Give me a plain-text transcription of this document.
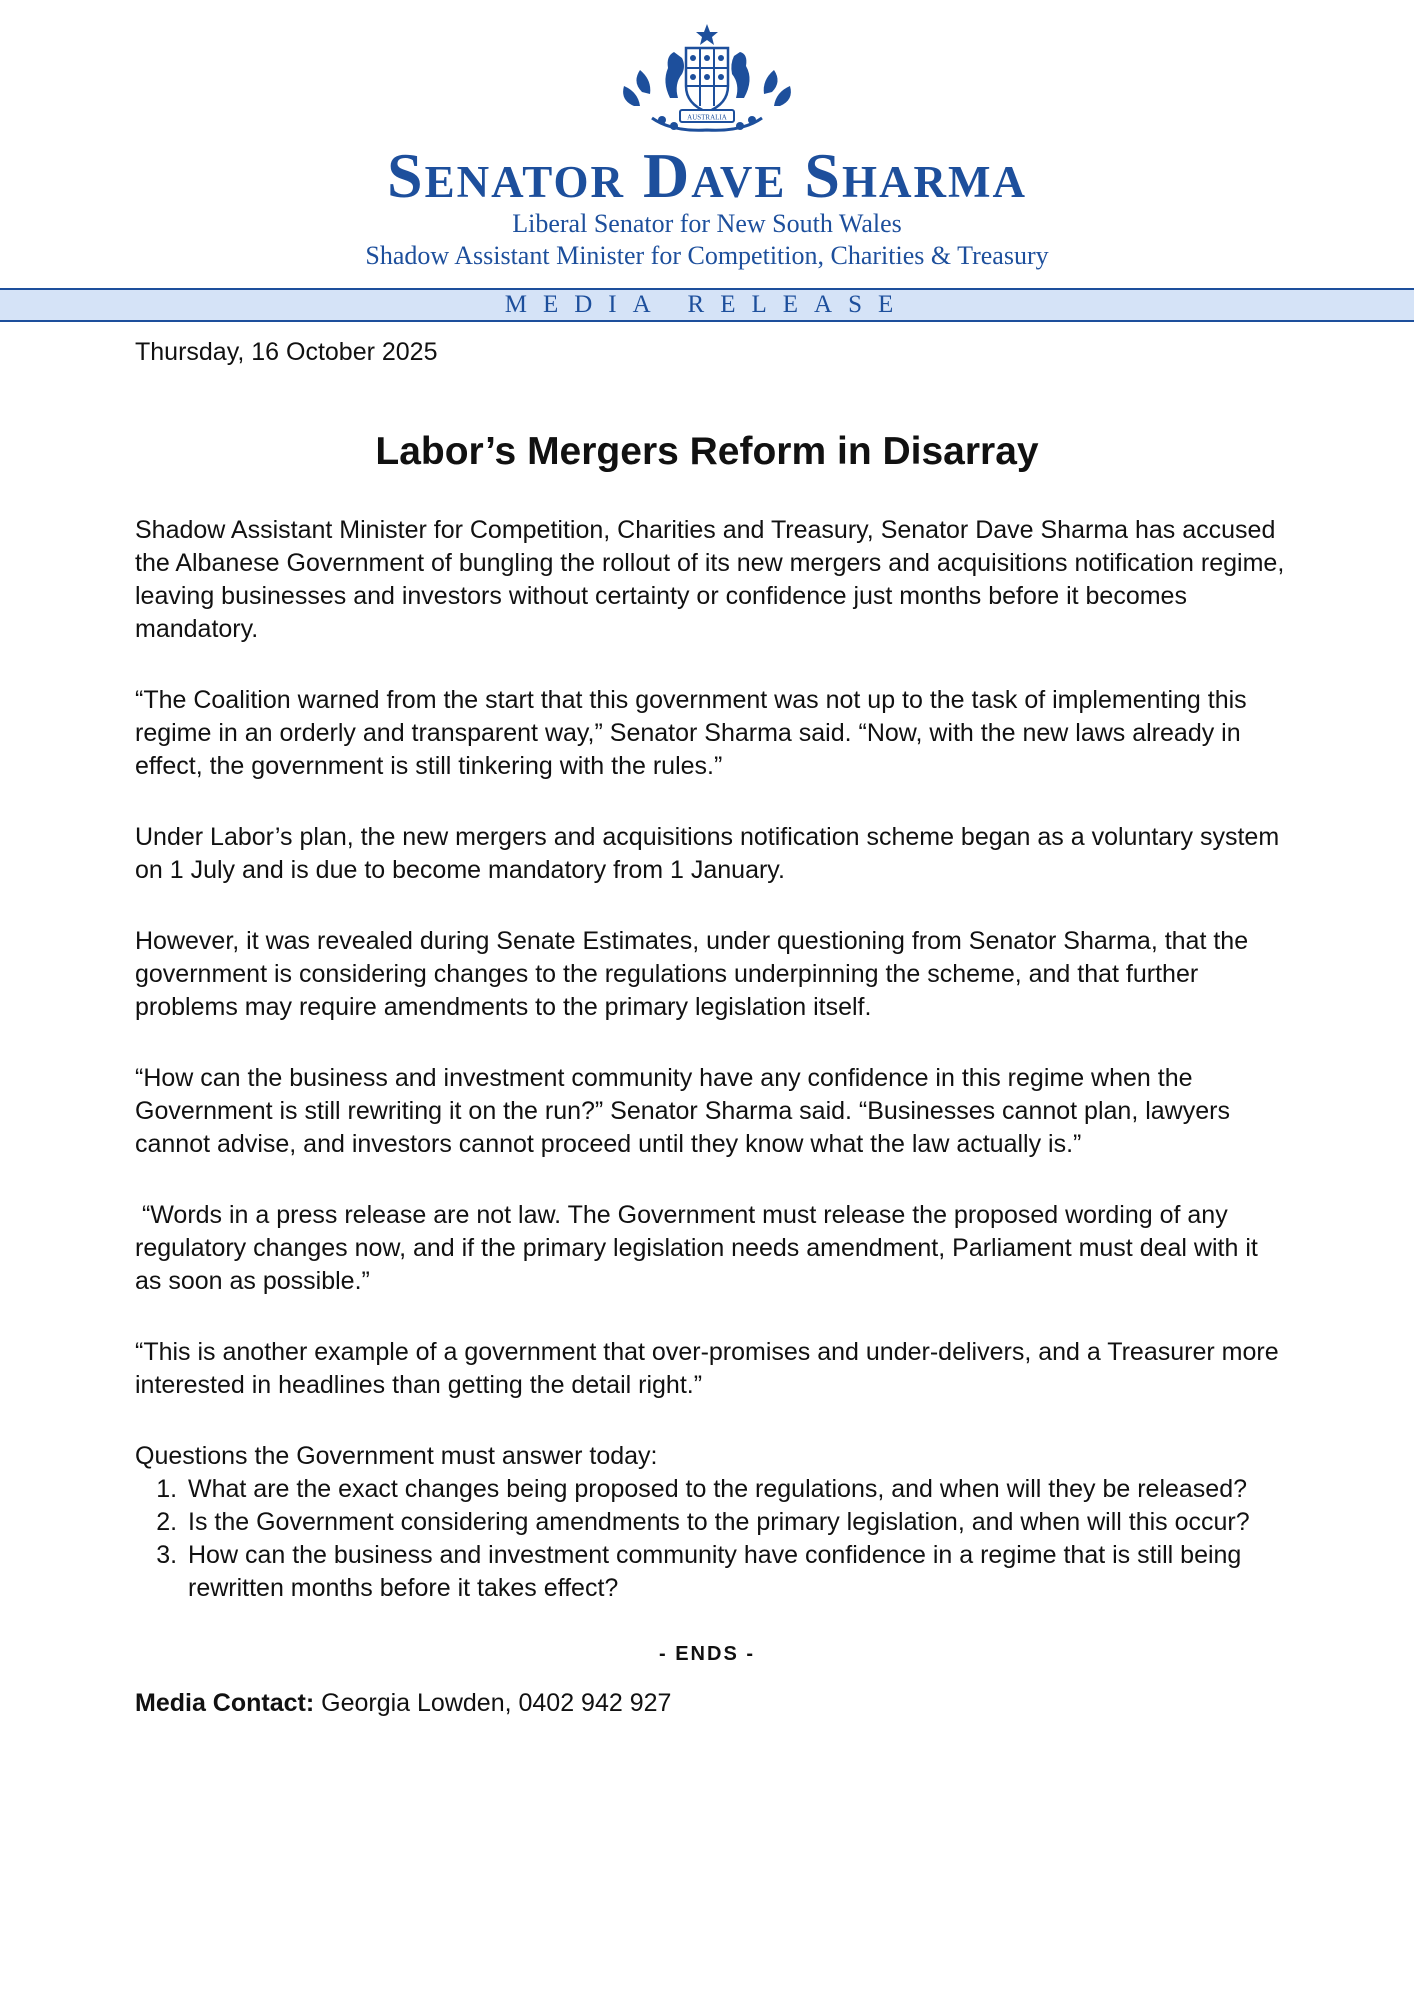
AUSTRALIA
Senator Dave Sharma
Liberal Senator for New South Wales
Shadow Assistant Minister for Competition, Charities & Treasury
MEDIA RELEASE

Thursday, 16 October 2025

Labor’s Mergers Reform in Disarray

Shadow Assistant Minister for Competition, Charities and Treasury, Senator Dave Sharma has accused the Albanese Government of bungling the rollout of its new mergers and acquisitions notification regime, leaving businesses and investors without certainty or confidence just months before it becomes mandatory.

“The Coalition warned from the start that this government was not up to the task of implementing this regime in an orderly and transparent way,” Senator Sharma said. “Now, with the new laws already in effect, the government is still tinkering with the rules.”

Under Labor’s plan, the new mergers and acquisitions notification scheme began as a voluntary system on 1 July and is due to become mandatory from 1 January.

However, it was revealed during Senate Estimates, under questioning from Senator Sharma, that the government is considering changes to the regulations underpinning the scheme, and that further problems may require amendments to the primary legislation itself.

“How can the business and investment community have any confidence in this regime when the Government is still rewriting it on the run?” Senator Sharma said. “Businesses cannot plan, lawyers cannot advise, and investors cannot proceed until they know what the law actually is.”

“Words in a press release are not law. The Government must release the proposed wording of any regulatory changes now, and if the primary legislation needs amendment, Parliament must deal with it as soon as possible.”

“This is another example of a government that over-promises and under-delivers, and a Treasurer more interested in headlines than getting the detail right.”

Questions the Government must answer today:

1. What are the exact changes being proposed to the regulations, and when will they be released?
2. Is the Government considering amendments to the primary legislation, and when will this occur?
3. How can the business and investment community have confidence in a regime that is still being rewritten months before it takes effect?

- ENDS -

Media Contact: Georgia Lowden, 0402 942 927
